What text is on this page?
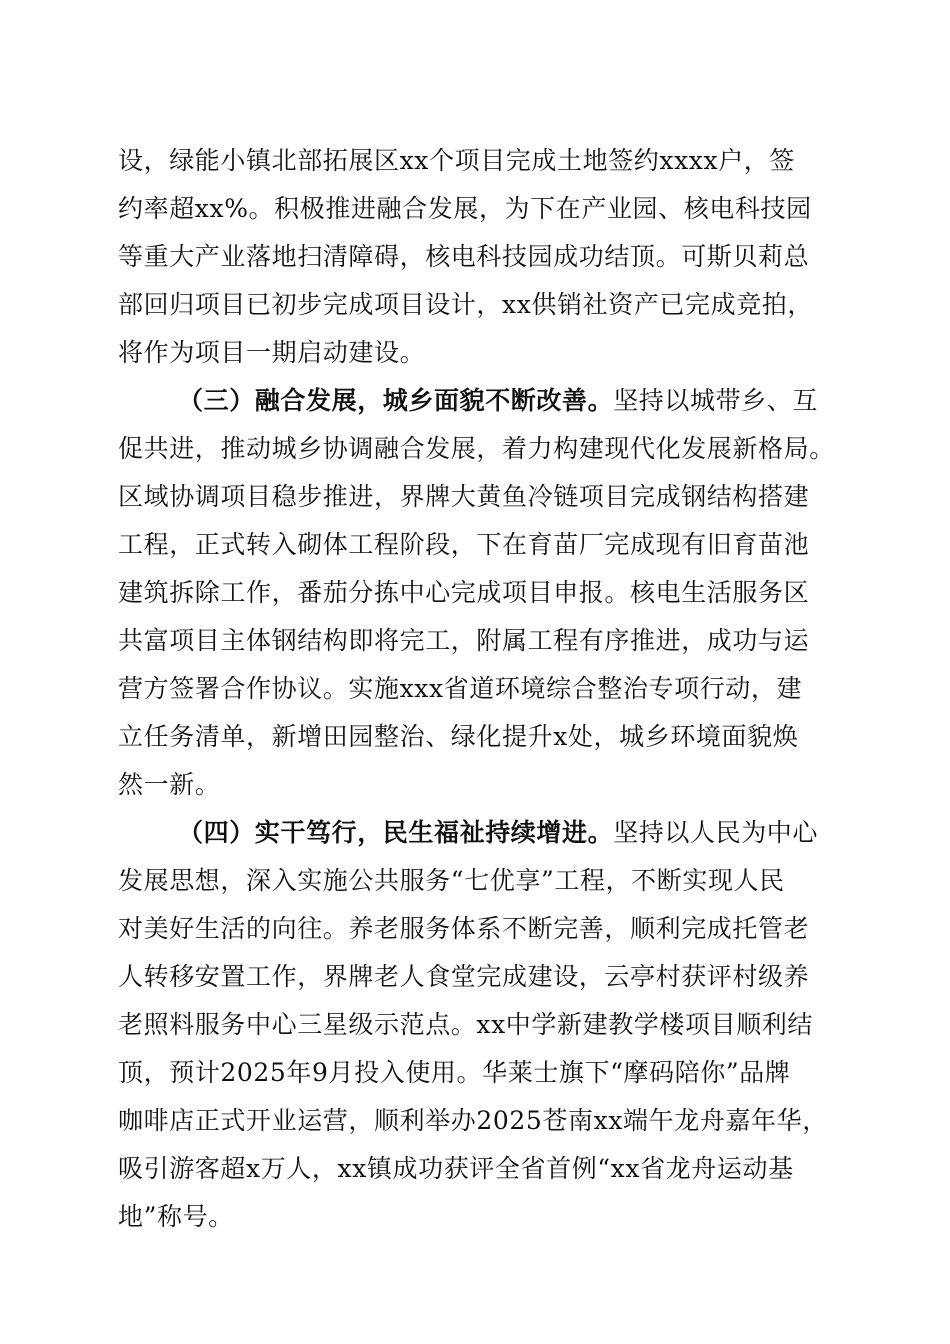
设，绿能小镇北部拓展区xx个项目完成土地签约xxxx户，签
约率超xx%。积极推进融合发展，为下在产业园、核电科技园
等重大产业落地扫清障碍，核电科技园成功结顶。可斯贝莉总
部回归项目已初步完成项目设计，xx供销社资产已完成竞拍，
将作为项目一期启动建设。
（三）融合发展，城乡面貌不断改善。坚持以城带乡、互
促共进，推动城乡协调融合发展，着力构建现代化发展新格局。
区域协调项目稳步推进，界牌大黄鱼冷链项目完成钢结构搭建
工程，正式转入砌体工程阶段，下在育苗厂完成现有旧育苗池
建筑拆除工作，番茄分拣中心完成项目申报。核电生活服务区
共富项目主体钢结构即将完工，附属工程有序推进，成功与运
营方签署合作协议。实施xxx省道环境综合整治专项行动，建
立任务清单，新增田园整治、绿化提升x处，城乡环境面貌焕
然一新。
（四）实干笃行，民生福祉持续增进。坚持以人民为中心
发展思想，深入实施公共服务“七优享”工程，不断实现人民
对美好生活的向往。养老服务体系不断完善，顺利完成托管老
人转移安置工作，界牌老人食堂完成建设，云亭村获评村级养
老照料服务中心三星级示范点。xx中学新建教学楼项目顺利结
顶，预计2025年9月投入使用。华莱士旗下“摩码陪你”品牌
咖啡店正式开业运营，顺利举办2025苍南xx端午龙舟嘉年华，
吸引游客超x万人，xx镇成功获评全省首例“xx省龙舟运动基
地”称号。
